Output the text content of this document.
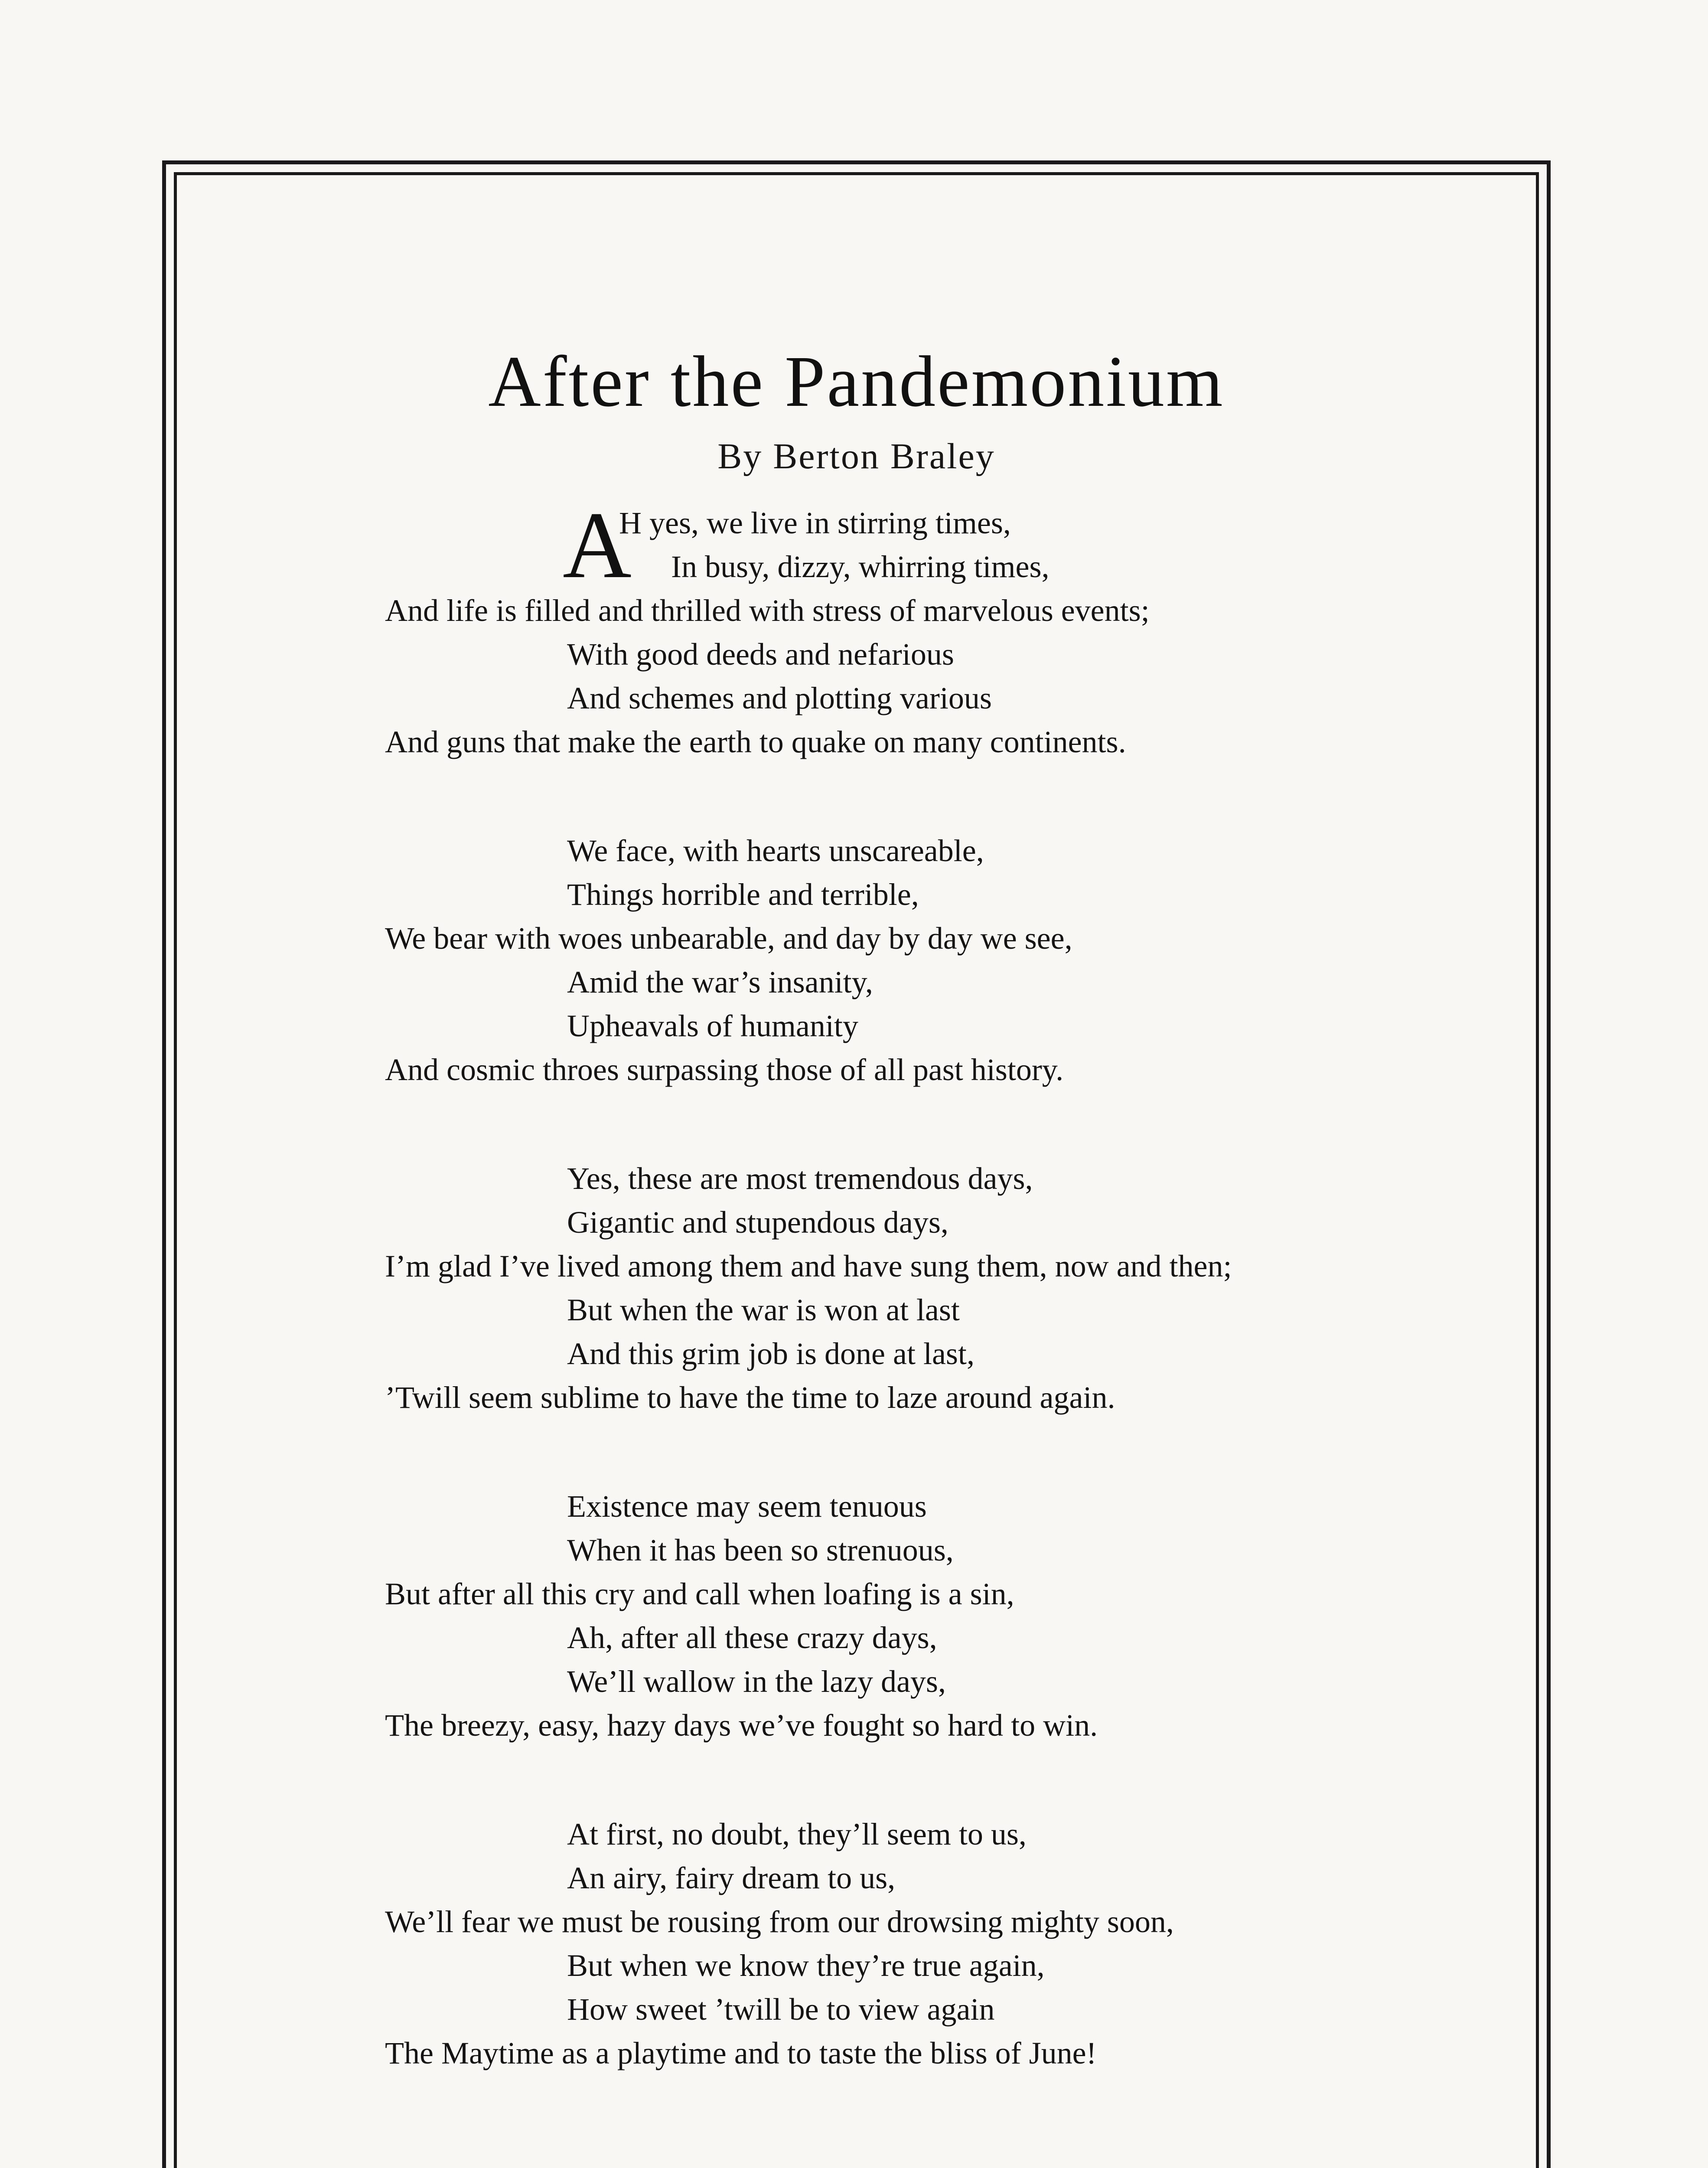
After the Pandemonium
By Berton Braley
A
H yes, we live in stirring times,
In busy, dizzy, whirring times,
And life is filled and thrilled with stress of marvelous events;
With good deeds and nefarious
And schemes and plotting various
And guns that make the earth to quake on many continents.
We face, with hearts unscareable,
Things horrible and terrible,
We bear with woes unbearable, and day by day we see,
Amid the war’s insanity,
Upheavals of humanity
And cosmic throes surpassing those of all past history.
Yes, these are most tremendous days,
Gigantic and stupendous days,
I’m glad I’ve lived among them and have sung them, now and then;
But when the war is won at last
And this grim job is done at last,
’Twill seem sublime to have the time to laze around again.
Existence may seem tenuous
When it has been so strenuous,
But after all this cry and call when loafing is a sin,
Ah, after all these crazy days,
We’ll wallow in the lazy days,
The breezy, easy, hazy days we’ve fought so hard to win.
At first, no doubt, they’ll seem to us,
An airy, fairy dream to us,
We’ll fear we must be rousing from our drowsing mighty soon,
But when we know they’re true again,
How sweet ’twill be to view again
The Maytime as a playtime and to taste the bliss of June!
